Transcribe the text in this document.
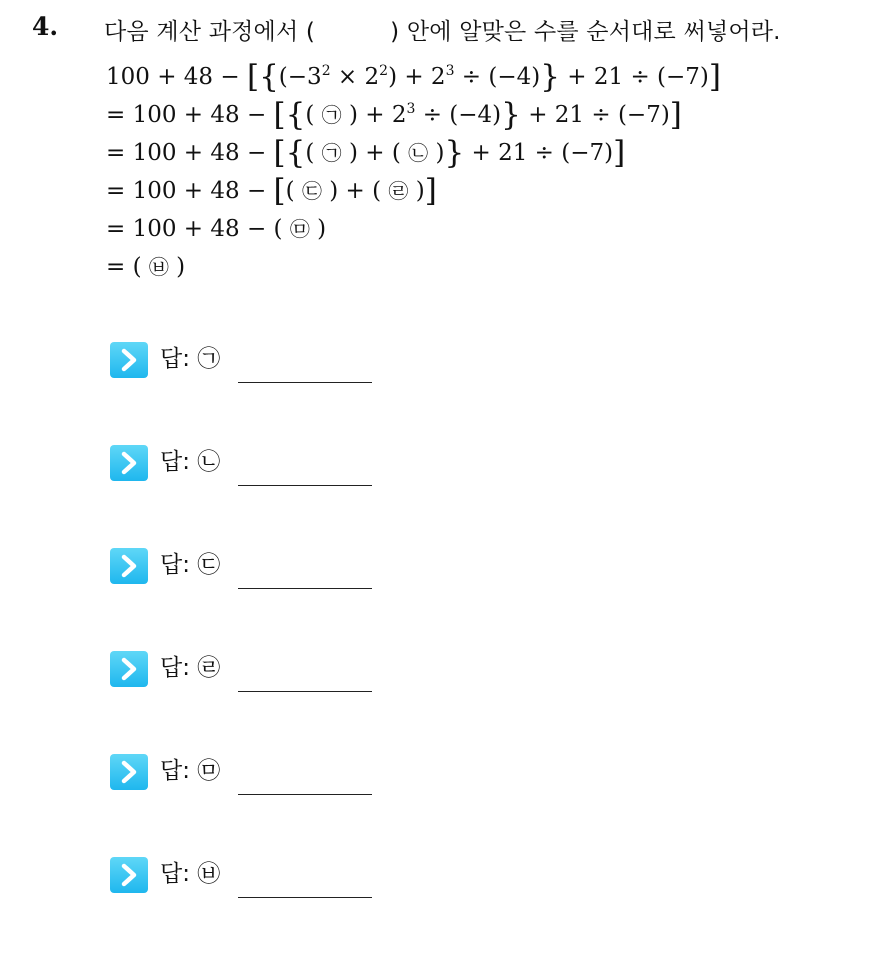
4. 다음 계산 과정에서 (          ) 안에 알맞은 수를 순서대로 써넣어라.
$100 + 48 - [\{(-3^2 \times 2^2) + 2^3 \div (-4)\} + 21 \div (-7)]$
= 100 + 48 − [{( ㉠ ) + $2^3 \div (-4)\} + 21 \div (-7)$]
= 100 + 48 − [{( ㉠ ) + ( ㉡ )} + 21 ÷ (−7)]
= 100 + 48 − [( ㉢ ) + ( ㉣ )]
= 100 + 48 − ( ㉤ )
= ( ㉥ )
답: ㉠
답: ㉡
답: ㉢
답: ㉣
답: ㉤
답: ㉥
